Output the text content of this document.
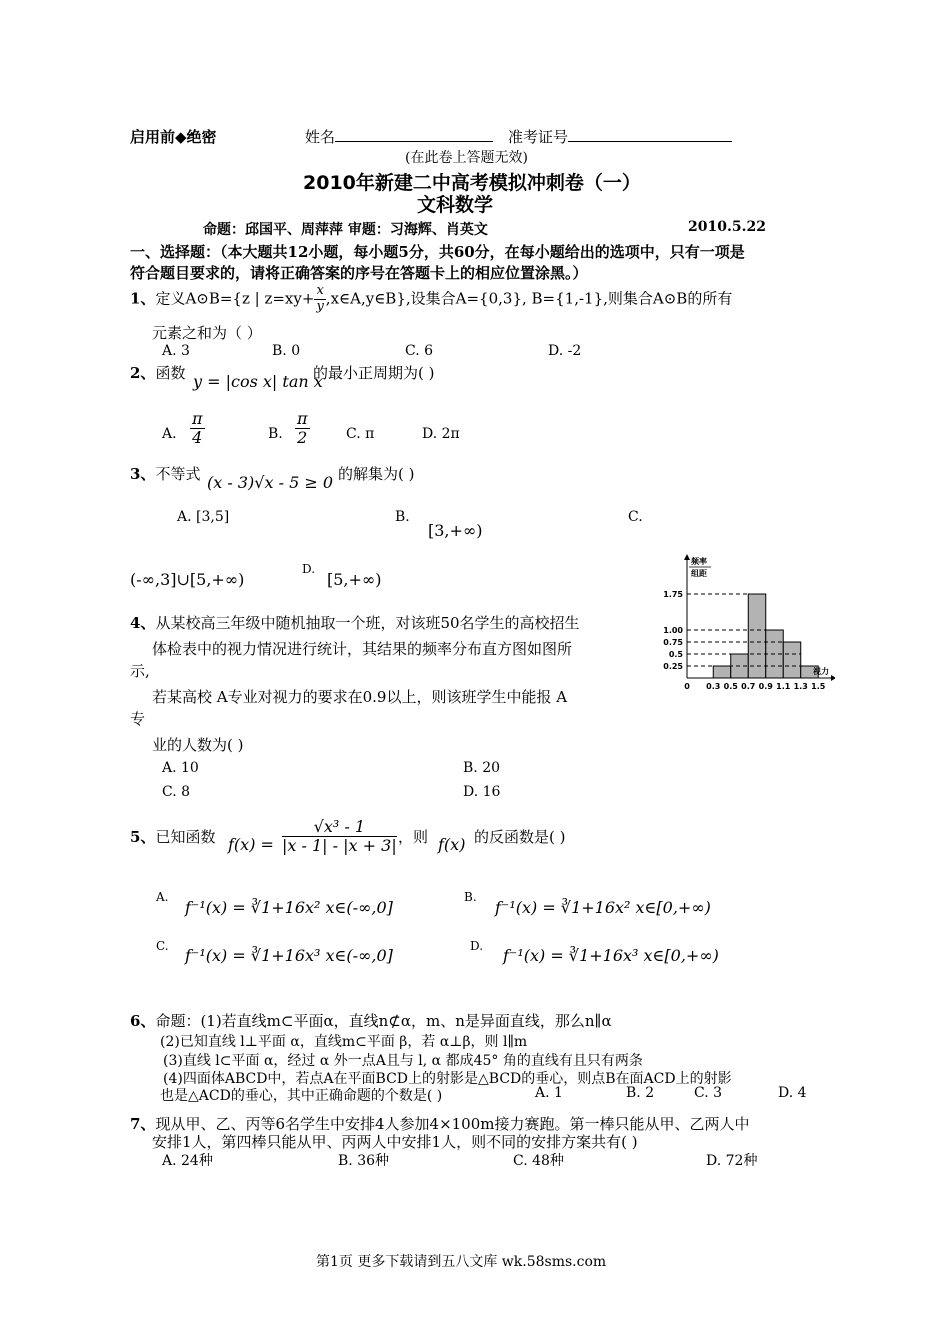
启用前◆绝密	姓名	准考证号
(在此卷上答题无效)
2010年新建二中高考模拟冲刺卷（一）
文科数学
命题：邱国平、周萍萍 审题：习海辉、肖英文	2010.5.22
一、选择题：（本大题共12小题，每小题5分，共60分，在每小题给出的选项中，只有一项是
符合题目要求的，请将正确答案的序号在答题卡上的相应位置涂黑。）
1、定义A⊙B={z | $z=xy+ \frac{x}{y}$ ,x∈A,y∈B},设集合A={0,3}, B={1,-1},则集合A⊙B的所有
元素之和为（ ）
A. 3	B. 0	C. 6	D. -2
2、函数 y = |cos x| tan x
的最小正周期为( )
A. $\frac{\pi}{4}$	B. $\frac{\pi}{2}$	C. π	D. 2π
3、不等式 (x - 3)√x - 5 ≥ 0 的解集为( )
A. [3,5]	B.
[3,+∞)
C.
(-∞,3]∪[5,+∞)
D.
[5,+∞)
0.25
0.5
0.75
1.00
1.75
0 0.3 0.5 0.7 0.9 1.1 1.3 1.5
频率
组距
视力
4、从某校高三年级中随机抽取一个班，对该班50名学生的高校招生
体检表中的视力情况进行统计，其结果的频率分布直方图如图所
示,
若某高校 A专业对视力的要求在0.9以上，则该班学生中能报 A
专
业的人数为( )
A. 10	B. 20
C. 8	D. 16
5、已知函数 $f(x) = \frac{\text{√x³ - 1}}{|x - 1| - |x + 3|}$ ，则 f(x) 的反函数是( )
A.
f⁻¹(x) = ∛1+16x² x∈(-∞,0]
B.
f⁻¹(x) = ∛1+16x² x∈[0,+∞)
C. f⁻¹(x) = ∛1+16x³ x∈(-∞,0]	D. f⁻¹(x) = ∛1+16x³ x∈[0,+∞)
6、命题：(1)若直线m⊂平面α，直线n⊄α，m、n是异面直线，那么n∥α
(2)已知直线 l⊥平面 α，直线m⊂平面 β，若 α⊥β，则 l∥m
(3)直线 l⊂平面 α，经过 α 外一点A且与 l, α 都成45° 角的直线有且只有两条
(4)四面体ABCD中，若点A在平面BCD上的射影是△BCD的垂心，则点B在面ACD上的射影
也是△ACD的垂心，其中正确命题的个数是( )	A. 1	B. 2	C. 3	D. 4
7、现从甲、乙、丙等6名学生中安排4人参加4×100m接力赛跑。第一棒只能从甲、乙两人中
安排1人，第四棒只能从甲、丙两人中安排1人，则不同的安排方案共有( )
A. 24种	B. 36种	C. 48种	D. 72种
第1页 更多下载请到五八文库 wk.58sms.com
